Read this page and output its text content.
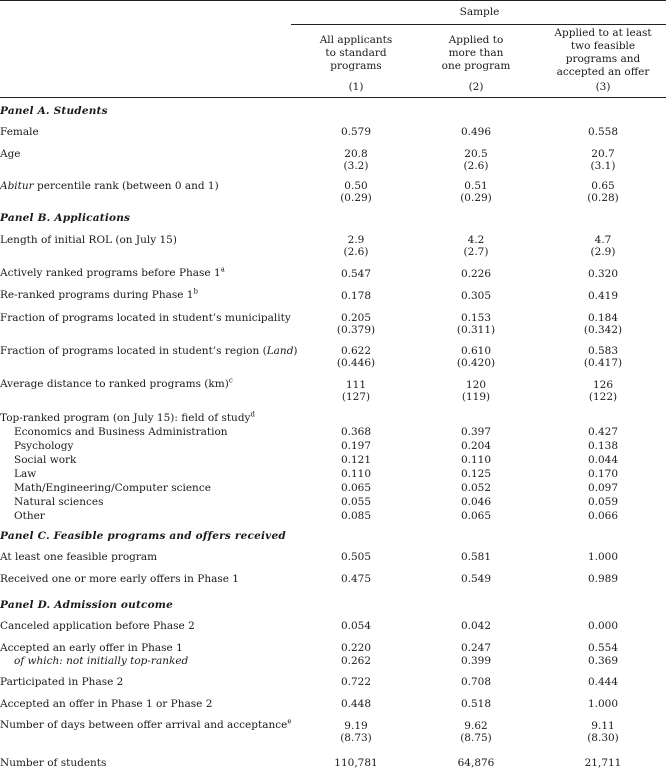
Sample
All applicants
to standard
programs
Applied to
more than
one program
Applied to at least
two feasible
programs and
accepted an offer
(1)	(2)	(3)
Panel A. Students
Female	0.579	0.496	0.558
Age	20.8	20.5	20.7
(3.2)	(2.6)	(3.1)
Abitur percentile rank (between 0 and 1)	0.50	0.51	0.65
(0.29)	(0.29)	(0.28)
Panel B. Applications
Length of initial ROL (on July 15)	2.9	4.2	4.7
(2.6)	(2.7)	(2.9)
Actively ranked programs before Phase 1$^a$	0.547	0.226	0.320
Re-ranked programs during Phase 1$^b$	0.178	0.305	0.419
Fraction of programs located in student’s municipality	0.205	0.153	0.184
(0.379)	(0.311)	(0.342)
Fraction of programs located in student’s region (Land)	0.622	0.610	0.583
(0.446)	(0.420)	(0.417)
Average distance to ranked programs (km)$^c$	111	120	126
(127)	(119)	(122)
Top-ranked program (on July 15): field of study$^d$
Economics and Business Administration	0.368	0.397	0.427
Psychology	0.197	0.204	0.138
Social work	0.121	0.110	0.044
Law	0.110	0.125	0.170
Math/Engineering/Computer science	0.065	0.052	0.097
Natural sciences	0.055	0.046	0.059
Other	0.085	0.065	0.066
Panel C. Feasible programs and offers received
At least one feasible program	0.505	0.581	1.000
Received one or more early offers in Phase 1	0.475	0.549	0.989
Panel D. Admission outcome
Canceled application before Phase 2	0.054	0.042	0.000
Accepted an early offer in Phase 1	0.220	0.247	0.554
of which: not initially top-ranked	0.262	0.399	0.369
Participated in Phase 2	0.722	0.708	0.444
Accepted an offer in Phase 1 or Phase 2	0.448	0.518	1.000
Number of days between offer arrival and acceptance$^e$	9.19	9.62	9.11
(8.73)	(8.75)	(8.30)
Number of students	110,781	64,876	21,711
